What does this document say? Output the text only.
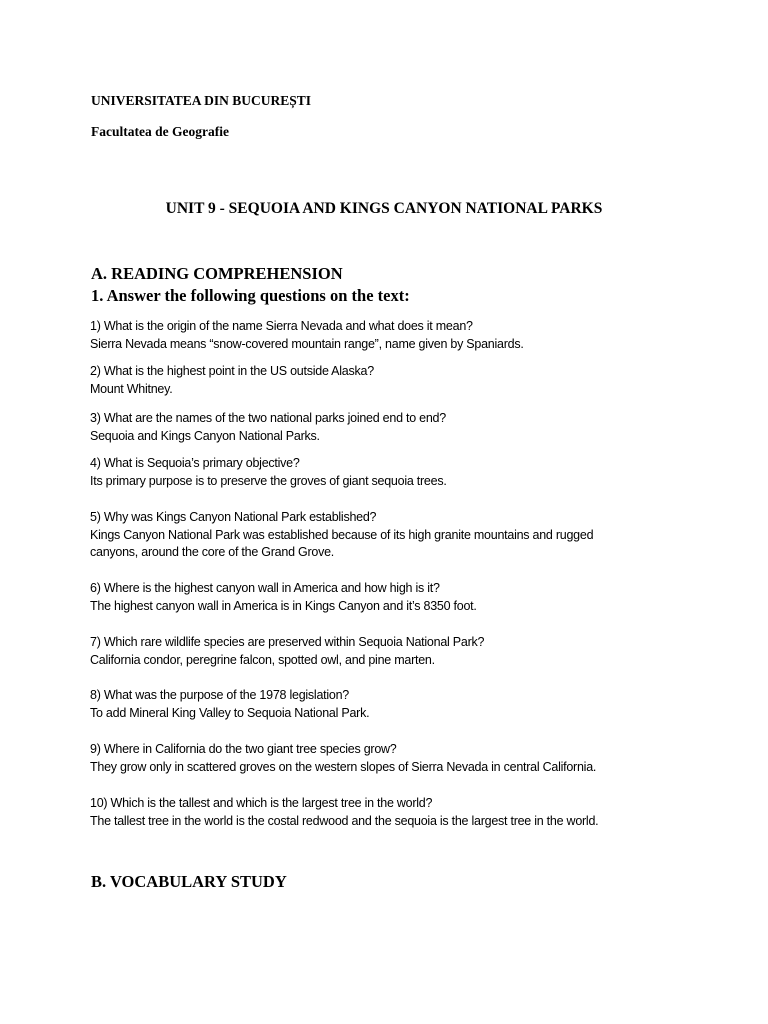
UNIVERSITATEA DIN BUCUREȘTI

Facultatea de Geografie

UNIT 9 - SEQUOIA AND KINGS CANYON NATIONAL PARKS
A. READING COMPREHENSION

1. Answer the following questions on the text:

1) What is the origin of the name Sierra Nevada and what does it mean?

Sierra Nevada means “snow-covered mountain range”, name given by Spaniards.

2) What is the highest point in the US outside Alaska?

Mount Whitney.

3) What are the names of the two national parks joined end to end?

Sequoia and Kings Canyon National Parks.

4) What is Sequoia’s primary objective?

Its primary purpose is to preserve the groves of giant sequoia trees.

5) Why was Kings Canyon National Park established?

Kings Canyon National Park was established because of its high granite mountains and rugged

canyons, around the core of the Grand Grove.

6) Where is the highest canyon wall in America and how high is it?

The highest canyon wall in America is in Kings Canyon and it’s 8350 foot.

7) Which rare wildlife species are preserved within Sequoia National Park?

California condor, peregrine falcon, spotted owl, and pine marten.

8) What was the purpose of the 1978 legislation?

To add Mineral King Valley to Sequoia National Park.

9) Where in California do the two giant tree species grow?

They grow only in scattered groves on the western slopes of Sierra Nevada in central California.

10) Which is the tallest and which is the largest tree in the world?

The tallest tree in the world is the costal redwood and the sequoia is the largest tree in the world.

B. VOCABULARY STUDY
